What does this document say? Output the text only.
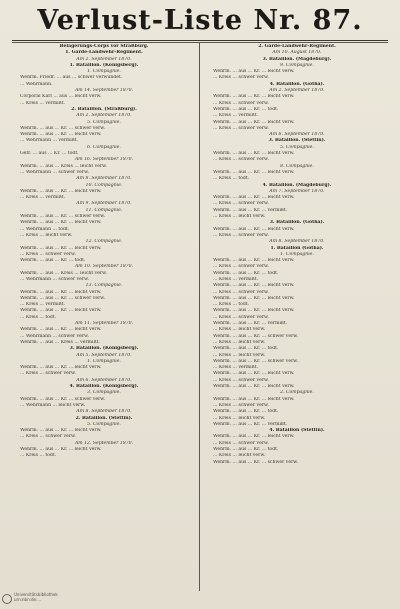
Verlust-Liste Nr. 87.
Belagerungs-Corps vor Straßburg.
1. Garde-Landwehr-Regiment.
Am 2. September 1870.
1. Bataillon. (Königsberg).
1. Compagnie.
Wehrm. Friedr. ... aus ... schwer verwundet.
... Wehrmann.
Am 14. September 1870.
Corporal Karl ... aus ... leicht verw.
... Kreis ... vermißt.
2. Bataillon. (Straßburg).
Am 2. September 1870.
5. Compagnie.
Wehrm. ... aus ... Kr. ... schwer verw.
Wehrm. ... aus ... Kr. ... leicht verw.
... Wehrmann ... vermißt.
6. Compagnie.
Gefr. ... aus ... Kr. ... todt.
Am 16. September 1870.
Wehrm. ... aus ... Kreis ... leicht verw.
... Wehrmann ... schwer verw.
Am 8. September 1870.
10. Compagnie.
Wehrm. ... aus ... Kr. ... leicht verw.
... Kreis ... vermißt.
Am 9. September 1870.
11. Compagnie.
Wehrm. ... aus ... Kr. ... schwer verw.
Wehrm. ... aus ... Kr. ... leicht verw.
... Wehrmann ... todt.
... Kreis ... leicht verw.
12. Compagnie.
Wehrm. ... aus ... Kr. ... leicht verw.
... Kreis ... schwer verw.
Wehrm. ... aus ... Kr. ... todt.
Am 10. September 1870.
Wehrm. ... aus ... Kreis ... leicht verw.
... Wehrmann ... schwer verw.
13. Compagnie.
Wehrm. ... aus ... Kr. ... leicht verw.
Wehrm. ... aus ... Kr. ... schwer verw.
... Kreis ... vermißt.
Wehrm. ... aus ... Kr. ... leicht verw.
... Kreis ... todt.
Am 11. September 1870.
Wehrm. ... aus ... Kr. ... leicht verw.
... Wehrmann ... schwer verw.
Wehrm. ... aus ... Kreis ... vermißt.
3. Bataillon. (Königsberg).
Am 5. September 1870.
1. Compagnie.
Wehrm. ... aus ... Kr. ... leicht verw.
... Kreis ... schwer verw.
Am 6. September 1870.
4. Bataillon. (Königsberg).
3. Compagnie.
Wehrm. ... aus ... Kr. ... schwer verw.
... Wehrmann ... leicht verw.
Am 8. September 1870.
2. Bataillon. (Stettin).
5. Compagnie.
Wehrm. ... aus ... Kr. ... leicht verw.
... Kreis ... schwer verw.
Am 12. September 1870.
Wehrm. ... aus ... Kr. ... leicht verw.
... Kreis ... todt.
2. Garde-Landwehr-Regiment.
Am 10. August 1870.
3. Bataillon. (Magdeburg).
9. Compagnie.
Wehrm. ... aus ... Kr. ... leicht verw.
... Kreis ... schwer verw.
4. Bataillon. (Gotha).
Am 2. September 1870.
Wehrm. ... aus ... Kr. ... leicht verw.
... Kreis ... schwer verw.
Wehrm. ... aus ... Kr. ... todt.
... Kreis ... vermißt.
Wehrm. ... aus ... Kr. ... leicht verw.
... Kreis ... schwer verw.
Am 6. September 1870.
3. Bataillon. (Stettin).
5. Compagnie.
Wehrm. ... aus ... Kr. ... leicht verw.
... Kreis ... schwer verw.
8. Compagnie.
Wehrm. ... aus ... Kr. ... leicht verw.
... Kreis ... todt.
4. Bataillon. (Magdeburg).
Am 7. September 1870.
Wehrm. ... aus ... Kr. ... leicht verw.
... Kreis ... schwer verw.
Wehrm. ... aus ... Kr. ... vermißt.
... Kreis ... leicht verw.
3. Bataillon. (Gotha).
Wehrm. ... aus ... Kr. ... leicht verw.
... Kreis ... schwer verw.
Am 8. September 1870.
1. Bataillon (Gotha).
1. Compagnie.
Wehrm. ... aus ... Kr. ... leicht verw.
... Kreis ... schwer verw.
Wehrm. ... aus ... Kr. ... todt.
... Kreis ... vermißt.
Wehrm. ... aus ... Kr. ... leicht verw.
... Kreis ... schwer verw.
Wehrm. ... aus ... Kr. ... leicht verw.
... Kreis ... todt.
Wehrm. ... aus ... Kr. ... leicht verw.
... Kreis ... schwer verw.
Wehrm. ... aus ... Kr. ... vermißt.
... Kreis ... leicht verw.
Wehrm. ... aus ... Kr. ... schwer verw.
... Kreis ... leicht verw.
Wehrm. ... aus ... Kr. ... todt.
... Kreis ... leicht verw.
Wehrm. ... aus ... Kr. ... schwer verw.
... Kreis ... vermißt.
Wehrm. ... aus ... Kr. ... leicht verw.
... Kreis ... schwer verw.
Wehrm. ... aus ... Kr. ... leicht verw.
2. Compagnie.
Wehrm. ... aus ... Kr. ... leicht verw.
... Kreis ... schwer verw.
Wehrm. ... aus ... Kr. ... todt.
... Kreis ... leicht verw.
Wehrm. ... aus ... Kr. ... vermißt.
4. Bataillon (Stettin).
Wehrm. ... aus ... Kr. ... leicht verw.
... Kreis ... schwer verw.
Wehrm. ... aus ... Kr. ... todt.
... Kreis ... leicht verw.
Wehrm. ... aus ... Kr. ... schwer verw.
Universitätsbibliothek
urn:nbn:de:...
